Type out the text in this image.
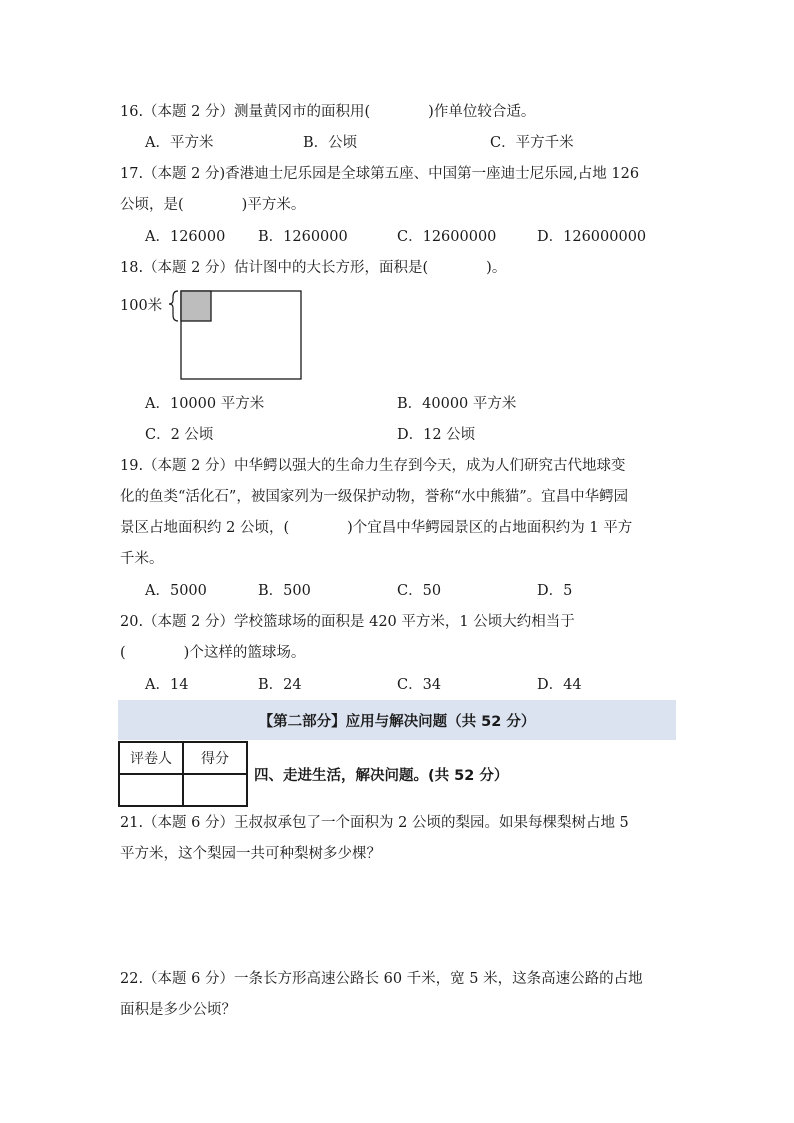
16.（本题 2 分）测量黄冈市的面积用(　　　　)作单位较合适。
A．平方米	B．公顷	C．平方千米
17.（本题 2 分)香港迪士尼乐园是全球第五座、中国第一座迪士尼乐园,占地 126
公顷，是(　　　　)平方米。
A．126000 B．1260000	C．12600000	D．126000000
18.（本题 2 分）估计图中的大长方形，面积是(　　　　)。
100米
A．10000 平方米	B．40000 平方米
C．2 公顷	D．12 公顷
19.（本题 2 分）中华鳄以强大的生命力生存到今天，成为人们研究古代地球变
化的鱼类“活化石”，被国家列为一级保护动物，誉称“水中熊猫”。宜昌中华鳄园
景区占地面积约 2 公顷，(　　　　)个宜昌中华鳄园景区的占地面积约为 1 平方
千米。
A．5000	B．500	C．50	D．5
20.（本题 2 分）学校篮球场的面积是 420 平方米，1 公顷大约相当于
(　　　　)个这样的篮球场。
A．14	B．24	C．34	D．44
【第二部分】应用与解决问题（共 52 分）
评卷人	得分

四、走进生活，解决问题。(共 52 分）
21.（本题 6 分）王叔叔承包了一个面积为 2 公顷的梨园。如果每棵梨树占地 5
平方米，这个梨园一共可种梨树多少棵？
22.（本题 6 分）一条长方形高速公路长 60 千米，宽 5 米，这条高速公路的占地
面积是多少公顷？
